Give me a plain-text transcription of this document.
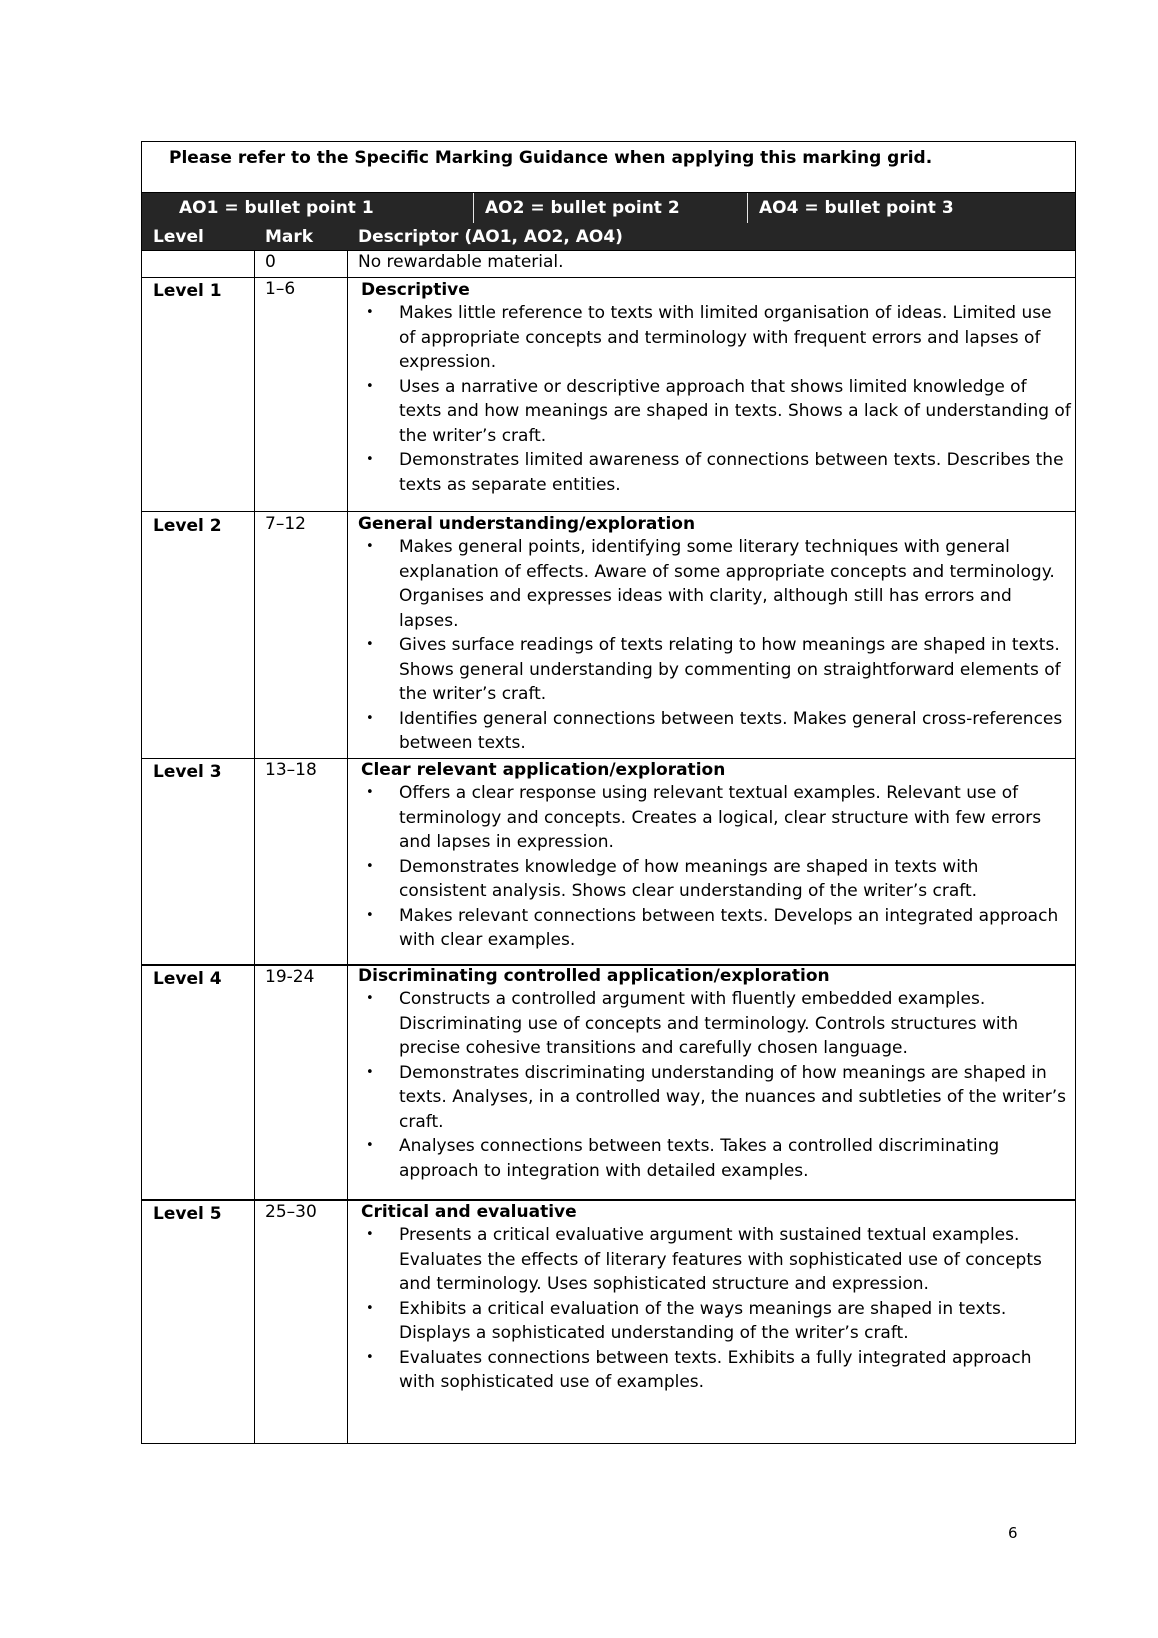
Please refer to the Specific Marking Guidance when applying this marking grid.
AO1 = bullet point 1	AO2 = bullet point 2	AO4 = bullet point 3
Level	Mark	Descriptor (AO1, AO2, AO4)
0	No rewardable material.
Level 1	1–6	Descriptive
• Makes little reference to texts with limited organisation of ideas. Limited use of appropriate concepts and terminology with frequent errors and lapses of expression.
• Uses a narrative or descriptive approach that shows limited knowledge of texts and how meanings are shaped in texts. Shows a lack of understanding of the writer’s craft.
• Demonstrates limited awareness of connections between texts. Describes the texts as separate entities.
Level 2	7–12	General understanding/exploration
• Makes general points, identifying some literary techniques with general explanation of effects. Aware of some appropriate concepts and terminology. Organises and expresses ideas with clarity, although still has errors and lapses.
• Gives surface readings of texts relating to how meanings are shaped in texts. Shows general understanding by commenting on straightforward elements of the writer’s craft.
• Identifies general connections between texts. Makes general cross-references between texts.
Level 3	13–18	Clear relevant application/exploration
• Offers a clear response using relevant textual examples. Relevant use of terminology and concepts. Creates a logical, clear structure with few errors and lapses in expression.
• Demonstrates knowledge of how meanings are shaped in texts with consistent analysis. Shows clear understanding of the writer’s craft.
• Makes relevant connections between texts. Develops an integrated approach with clear examples.
Level 4	19-24	Discriminating controlled application/exploration
• Constructs a controlled argument with fluently embedded examples. Discriminating use of concepts and terminology. Controls structures with precise cohesive transitions and carefully chosen language.
• Demonstrates discriminating understanding of how meanings are shaped in texts. Analyses, in a controlled way, the nuances and subtleties of the writer’s craft.
• Analyses connections between texts. Takes a controlled discriminating approach to integration with detailed examples.
Level 5	25–30	Critical and evaluative
• Presents a critical evaluative argument with sustained textual examples. Evaluates the effects of literary features with sophisticated use of concepts and terminology. Uses sophisticated structure and expression.
• Exhibits a critical evaluation of the ways meanings are shaped in texts. Displays a sophisticated understanding of the writer’s craft.
• Evaluates connections between texts. Exhibits a fully integrated approach with sophisticated use of examples.
6
